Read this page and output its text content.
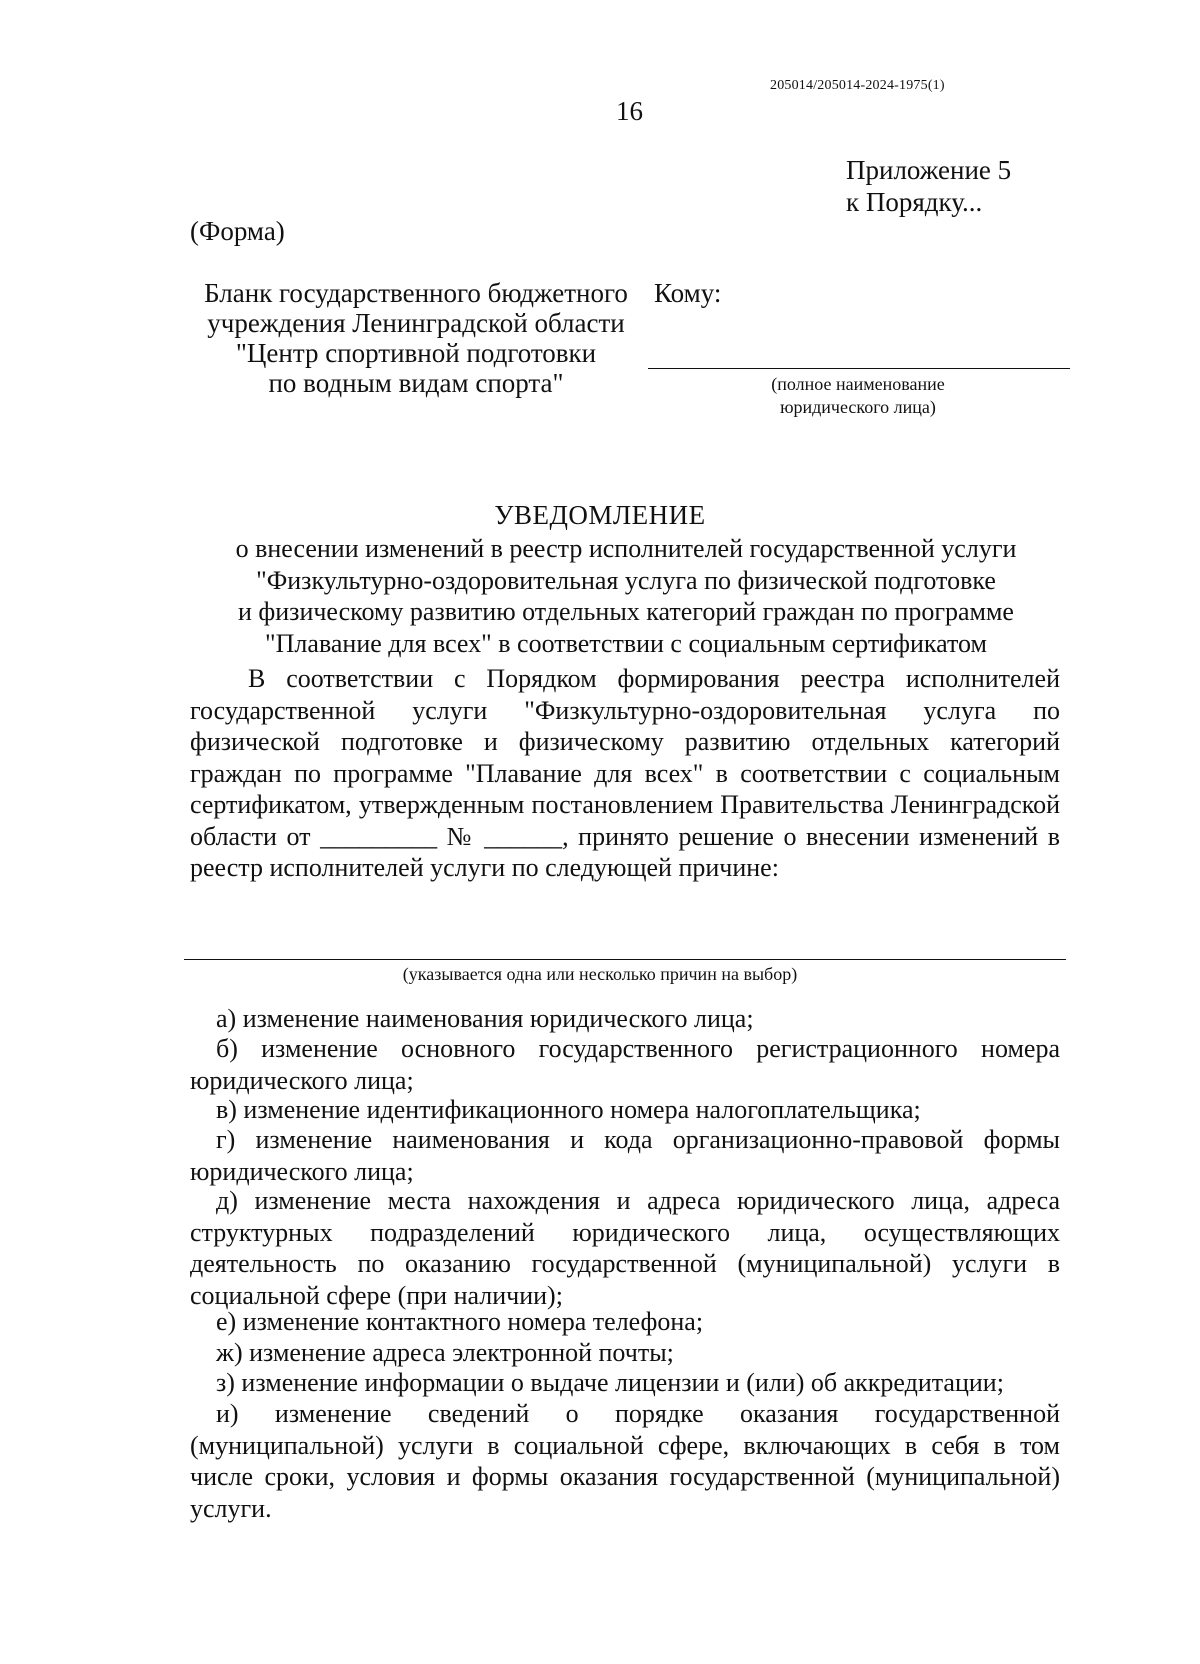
205014/205014-2024-1975(1)
16
Приложение 5
к Порядку...
(Форма)
Бланк государственного бюджетного
учреждения Ленинградской области
"Центр спортивной подготовки
по водным видам спорта"
Кому:
(полное наименование
юридического лица)
УВЕДОМЛЕНИЕ
о внесении изменений в реестр исполнителей государственной услуги
"Физкультурно-оздоровительная услуга по физической подготовке
и физическому развитию отдельных категорий граждан по программе
"Плавание для всех" в соответствии с социальным сертификатом

В соответствии с Порядком формирования реестра исполнителей государственной услуги "Физкультурно-оздоровительная услуга по физической подготовке и физическому развитию отдельных категорий граждан по программе "Плавание для всех" в соответствии с социальным сертификатом, утвержденным постановлением Правительства Ленинградской области от _________ № ______, принято решение о внесении изменений в реестр исполнителей услуги по следующей причине:

(указывается одна или несколько причин на выбор)

а) изменение наименования юридического лица;

б) изменение основного государственного регистрационного номера юридического лица;

в) изменение идентификационного номера налогоплательщика;

г) изменение наименования и кода организационно-правовой формы юридического лица;

д) изменение места нахождения и адреса юридического лица, адреса структурных подразделений юридического лица, осуществляющих деятельность по оказанию государственной (муниципальной) услуги в социальной сфере (при наличии);

е) изменение контактного номера телефона;

ж) изменение адреса электронной почты;

з) изменение информации о выдаче лицензии и (или) об аккредитации;

и) изменение сведений о порядке оказания государственной (муниципальной) услуги в социальной сфере, включающих в себя в том числе сроки, условия и формы оказания государственной (муниципальной) услуги.
